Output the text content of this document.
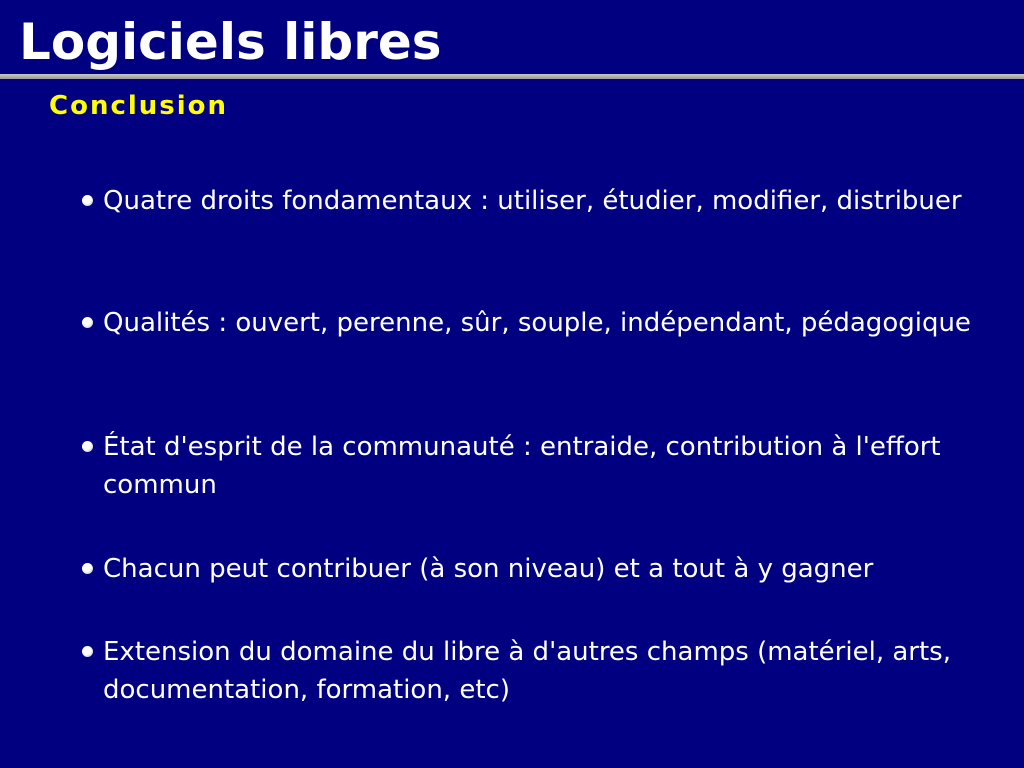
Logiciels libres
Conclusion
Quatre droits fondamentaux : utiliser, étudier, modifier, distribuer
Qualités : ouvert, perenne, sûr, souple, indépendant, pédagogique
État d'esprit de la communauté : entraide, contribution à l'effort commun
Chacun peut contribuer (à son niveau) et a tout à y gagner
Extension du domaine du libre à d'autres champs (matériel, arts, documentation, formation, etc)
